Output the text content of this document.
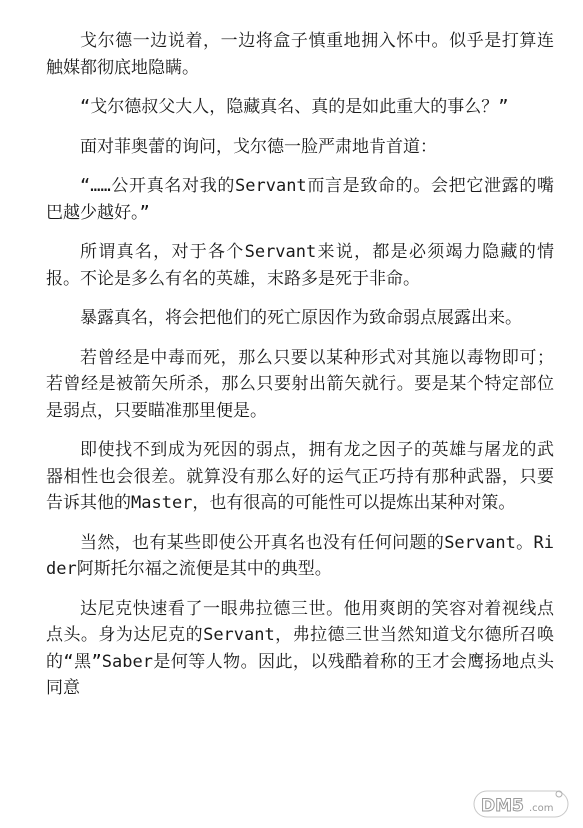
戈尔德一边说着，一边将盒子慎重地拥入怀中。似乎是打算连触媒都彻底地隐瞒。

“戈尔德叔父大人，隐藏真名、真的是如此重大的事么？”

面对菲奥蕾的询问，戈尔德一脸严肃地肯首道：

“……公开真名对我的Servant而言是致命的。会把它泄露的嘴巴越少越好。”

所谓真名，对于各个Servant来说，都是必须竭力隐藏的情报。不论是多么有名的英雄，末路多是死于非命。

暴露真名，将会把他们的死亡原因作为致命弱点展露出来。

若曾经是中毒而死，那么只要以某种形式对其施以毒物即可；若曾经是被箭矢所杀，那么只要射出箭矢就行。要是某个特定部位是弱点，只要瞄准那里便是。

即使找不到成为死因的弱点，拥有龙之因子的英雄与屠龙的武器相性也会很差。就算没有那么好的运气正巧持有那种武器，只要告诉其他的Master，也有很高的可能性可以提炼出某种对策。

当然，也有某些即使公开真名也没有任何问题的Servant。Rider阿斯托尔福之流便是其中的典型。

达尼克快速看了一眼弗拉德三世。他用爽朗的笑容对着视线点点头。身为达尼克的Servant，弗拉德三世当然知道戈尔德所召唤的“黑”Saber是何等人物。因此，以残酷着称的王才会鹰扬地点头同意

DM5 .com
